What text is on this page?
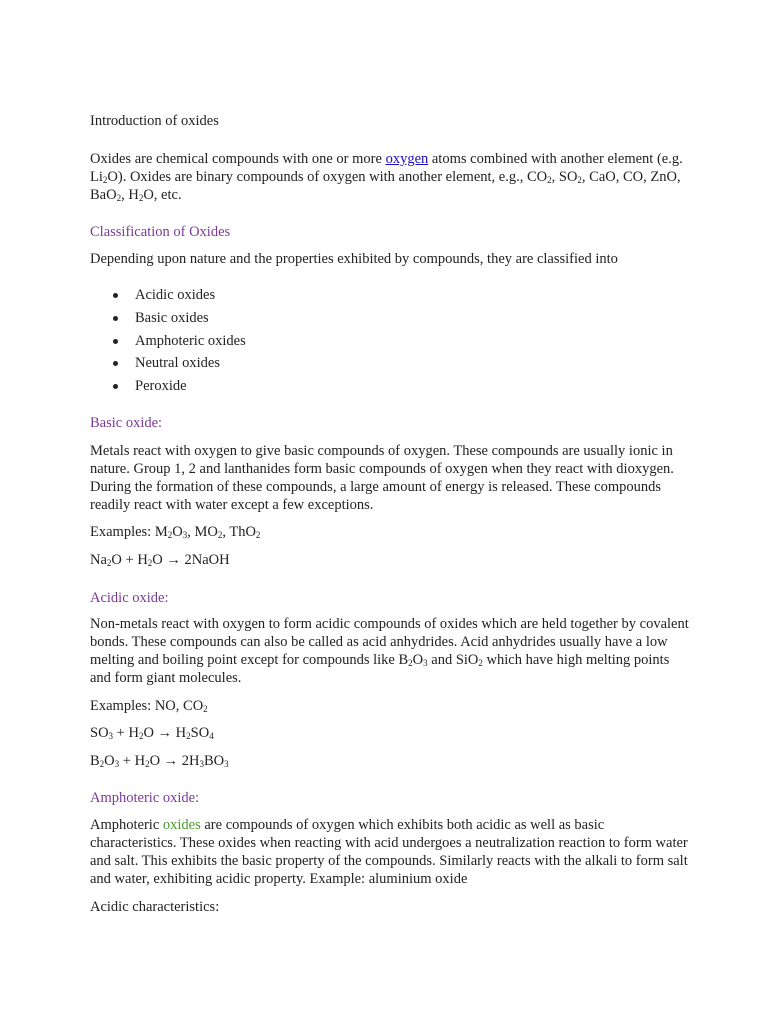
Introduction of oxides

Oxides are chemical compounds with one or more oxygen atoms combined with another element (e.g. $Li_2O$). Oxides are binary compounds of oxygen with another element, e.g., $CO_2$, $SO_2$, CaO, CO, ZnO, BaO$_2$, $H_2O$, etc.

Classification of Oxides

Depending upon nature and the properties exhibited by compounds, they are classified into

Acidic oxides
Basic oxides
Amphoteric oxides
Neutral oxides
Peroxide

Basic oxide:

Metals react with oxygen to give basic compounds of oxygen. These compounds are usually ionic in nature. Group 1, 2 and lanthanides form basic compounds of oxygen when they react with dioxygen. During the formation of these compounds, a large amount of energy is released. These compounds readily react with water except a few exceptions.

Examples: $M_2O_3$, $MO_2$, ThO$_2$

$Na_2O + H_2O$ → 2NaOH

Acidic oxide:

Non-metals react with oxygen to form acidic compounds of oxides which are held together by covalent bonds. These compounds can also be called as acid anhydrides. Acid anhydrides usually have a low melting and boiling point except for compounds like $B_2O_3$ and SiO$_2$ which have high melting points and form giant molecules.

Examples: NO, $CO_2$

$SO_3 + H_2O \to H_2SO_4$

$B_2O_3 + H_2O \to 2H_3BO_3$

Amphoteric oxide:

Amphoteric oxides are compounds of oxygen which exhibits both acidic as well as basic characteristics. These oxides when reacting with acid undergoes a neutralization reaction to form water and salt. This exhibits the basic property of the compounds. Similarly reacts with the alkali to form salt and water, exhibiting acidic property. Example: aluminium oxide

Acidic characteristics:
